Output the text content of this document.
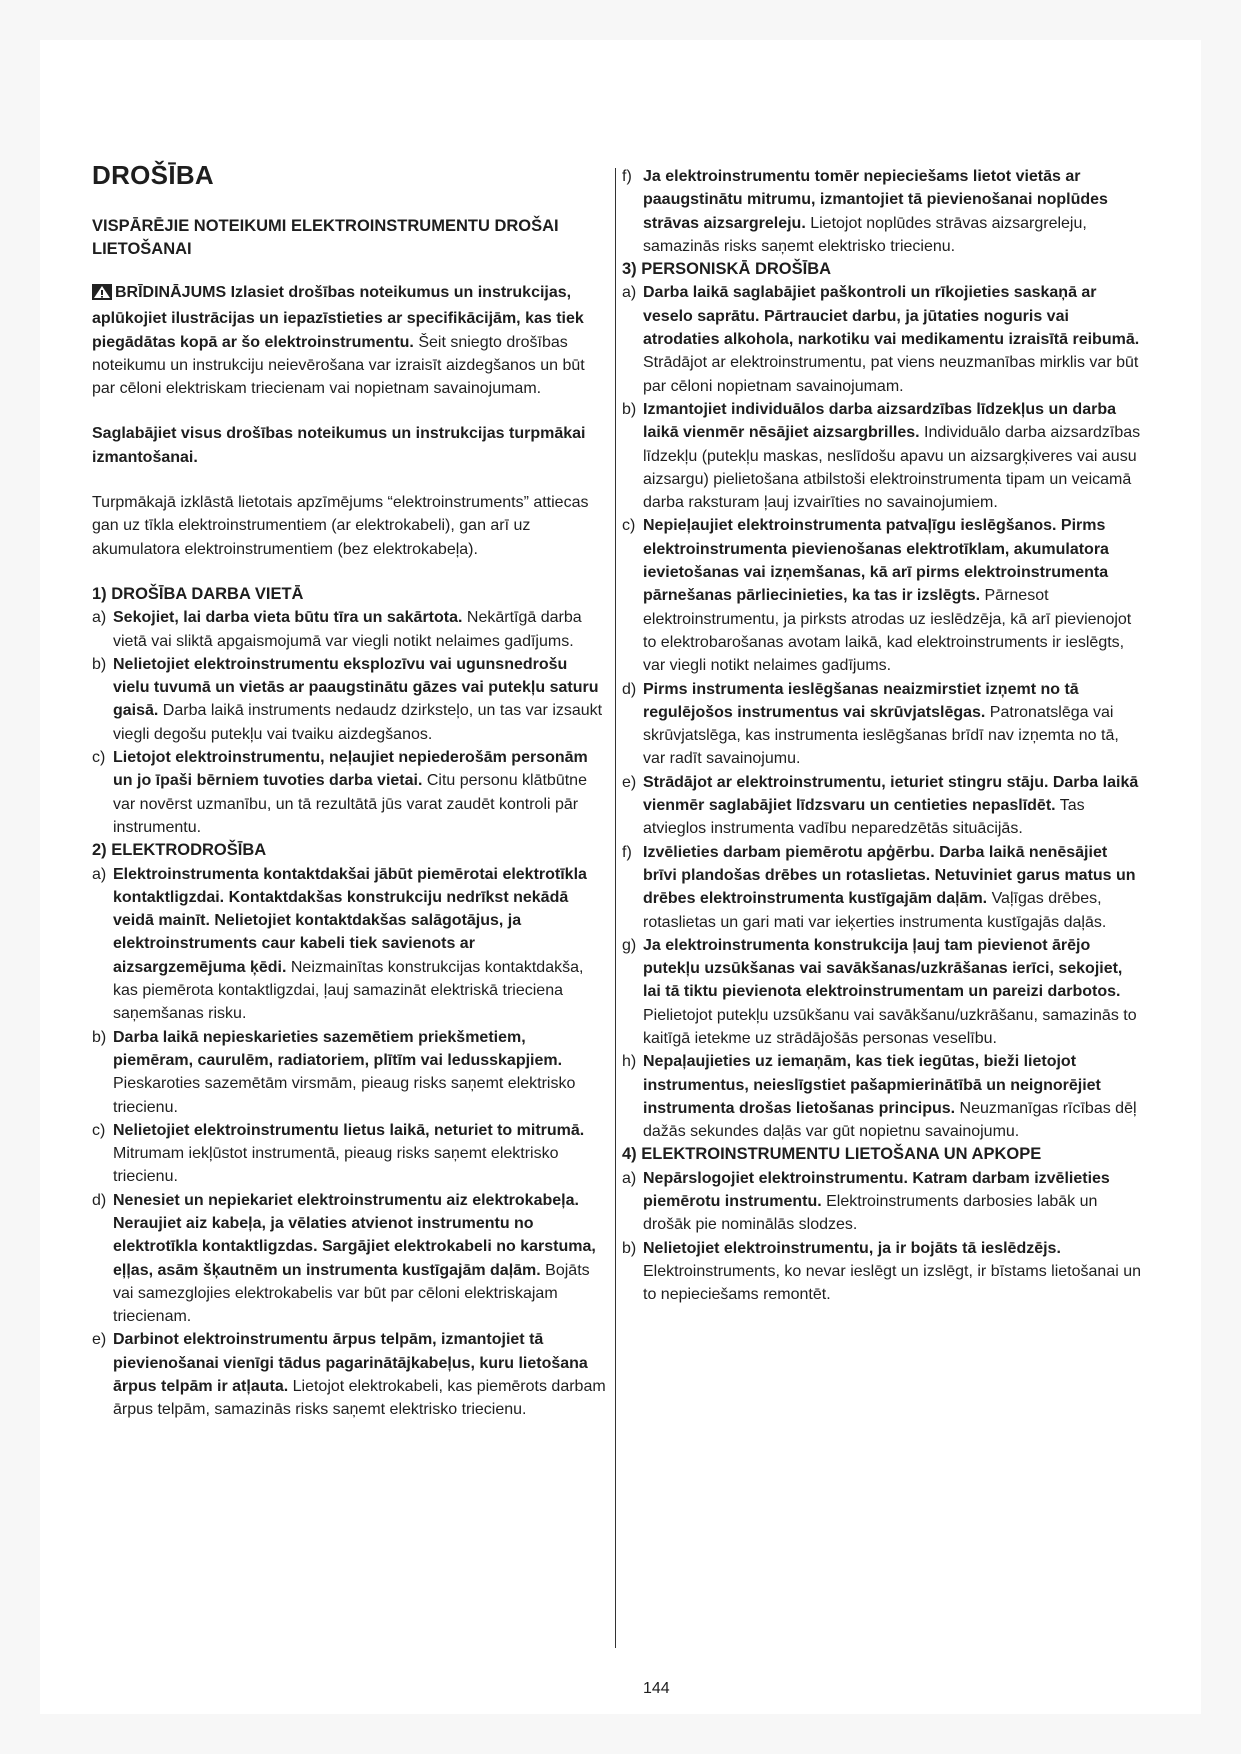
DROŠĪBA
VISPĀRĒJIE NOTEIKUMI ELEKTROINSTRUMENTU DROŠAI LIETOŠANAI

BRĪDINĀJUMS Izlasiet drošības noteikumus un instrukcijas, aplūkojiet ilustrācijas un iepazīstieties ar specifikācijām, kas tiek piegādātas kopā ar šo elektroinstrumentu. Šeit sniegto drošības noteikumu un instrukciju neievērošana var izraisīt aizdegšanos un būt par cēloni elektriskam triecienam vai nopietnam savainojumam.

Saglabājiet visus drošības noteikumus un instrukcijas turpmākai izmantošanai.

Turpmākajā izklāstā lietotais apzīmējums “elektroinstruments” attiecas gan uz tīkla elektroinstrumentiem (ar elektrokabeli), gan arī uz akumulatora elektroinstrumentiem (bez elektrokabeļa).

1) DROŠĪBA DARBA VIETĀ

a) Sekojiet, lai darba vieta būtu tīra un sakārtota. Nekārtīgā darba vietā vai sliktā apgaismojumā var viegli notikt nelaimes gadījums.
b) Nelietojiet elektroinstrumentu eksplozīvu vai ugunsnedrošu vielu tuvumā un vietās ar paaugstinātu gāzes vai putekļu saturu gaisā. Darba laikā instruments nedaudz dzirksteļo, un tas var izsaukt viegli degošu putekļu vai tvaiku aizdegšanos.
c) Lietojot elektroinstrumentu, neļaujiet nepiederošām personām un jo īpaši bērniem tuvoties darba vietai. Citu personu klātbūtne var novērst uzmanību, un tā rezultātā jūs varat zaudēt kontroli pār instrumentu.

2) ELEKTRODROŠĪBA

a) Elektroinstrumenta kontaktdakšai jābūt piemērotai elektrotīkla kontaktligzdai. Kontaktdakšas konstrukciju nedrīkst nekādā veidā mainīt. Nelietojiet kontaktdakšas salāgotājus, ja elektroinstruments caur kabeli tiek savienots ar aizsargzemējuma ķēdi. Neizmainītas konstrukcijas kontaktdakša, kas piemērota kontaktligzdai, ļauj samazināt elektriskā trieciena saņemšanas risku.
b) Darba laikā nepieskarieties sazemētiem priekšmetiem, piemēram, caurulēm, radiatoriem, plītīm vai ledusskapjiem. Pieskaroties sazemētām virsmām, pieaug risks saņemt elektrisko triecienu.
c) Nelietojiet elektroinstrumentu lietus laikā, neturiet to mitrumā. Mitrumam iekļūstot instrumentā, pieaug risks saņemt elektrisko triecienu.
d) Nenesiet un nepiekariet elektroinstrumentu aiz elektrokabeļa. Neraujiet aiz kabeļa, ja vēlaties atvienot instrumentu no elektrotīkla kontaktligzdas. Sargājiet elektrokabeli no karstuma, eļļas, asām šķautnēm un instrumenta kustīgajām daļām. Bojāts vai samezglojies elektrokabelis var būt par cēloni elektriskajam triecienam.
e) Darbinot elektroinstrumentu ārpus telpām, izmantojiet tā pievienošanai vienīgi tādus pagarinātājkabeļus, kuru lietošana ārpus telpām ir atļauta. Lietojot elektrokabeli, kas piemērots darbam ārpus telpām, samazinās risks saņemt elektrisko triecienu.
f) Ja elektroinstrumentu tomēr nepieciešams lietot vietās ar paaugstinātu mitrumu, izmantojiet tā pievienošanai noplūdes strāvas aizsargreleju. Lietojot noplūdes strāvas aizsargreleju, samazinās risks saņemt elektrisko triecienu.

3) PERSONISKĀ DROŠĪBA

a) Darba laikā saglabājiet paškontroli un rīkojieties saskaņā ar veselo saprātu. Pārtrauciet darbu, ja jūtaties noguris vai atrodaties alkohola, narkotiku vai medikamentu izraisītā reibumā. Strādājot ar elektroinstrumentu, pat viens neuzmanības mirklis var būt par cēloni nopietnam savainojumam.
b) Izmantojiet individuālos darba aizsardzības līdzekļus un darba laikā vienmēr nēsājiet aizsargbrilles. Individuālo darba aizsardzības līdzekļu (putekļu maskas, neslīdošu apavu un aizsargķiveres vai ausu aizsargu) pielietošana atbilstoši elektroinstrumenta tipam un veicamā darba raksturam ļauj izvairīties no savainojumiem.
c) Nepieļaujiet elektroinstrumenta patvaļīgu ieslēgšanos. Pirms elektroinstrumenta pievienošanas elektrotīklam, akumulatora ievietošanas vai izņemšanas, kā arī pirms elektroinstrumenta pārnešanas pārliecinieties, ka tas ir izslēgts. Pārnesot elektroinstrumentu, ja pirksts atrodas uz ieslēdzēja, kā arī pievienojot to elektrobarošanas avotam laikā, kad elektroinstruments ir ieslēgts, var viegli notikt nelaimes gadījums.
d) Pirms instrumenta ieslēgšanas neaizmirstiet izņemt no tā regulējošos instrumentus vai skrūvjatslēgas. Patronatslēga vai skrūvjatslēga, kas instrumenta ieslēgšanas brīdī nav izņemta no tā, var radīt savainojumu.
e) Strādājot ar elektroinstrumentu, ieturiet stingru stāju. Darba laikā vienmēr saglabājiet līdzsvaru un centieties nepaslīdēt. Tas atvieglos instrumenta vadību neparedzētās situācijās.
f) Izvēlieties darbam piemērotu apģērbu. Darba laikā nenēsājiet brīvi plandošas drēbes un rotaslietas. Netuviniet garus matus un drēbes elektroinstrumenta kustīgajām daļām. Vaļīgas drēbes, rotaslietas un gari mati var ieķerties instrumenta kustīgajās daļās.
g) Ja elektroinstrumenta konstrukcija ļauj tam pievienot ārējo putekļu uzsūkšanas vai savākšanas/uzkrāšanas ierīci, sekojiet, lai tā tiktu pievienota elektroinstrumentam un pareizi darbotos. Pielietojot putekļu uzsūkšanu vai savākšanu/uzkrāšanu, samazinās to kaitīgā ietekme uz strādājošās personas veselību.
h) Nepaļaujieties uz iemaņām, kas tiek iegūtas, bieži lietojot instrumentus, neieslīgstiet pašapmierinātībā un neignorējiet instrumenta drošas lietošanas principus. Neuzmanīgas rīcības dēļ dažās sekundes daļās var gūt nopietnu savainojumu.

4) ELEKTROINSTRUMENTU LIETOŠANA UN APKOPE

a) Nepārslogojiet elektroinstrumentu. Katram darbam izvēlieties piemērotu instrumentu. Elektroinstruments darbosies labāk un drošāk pie nominālās slodzes.
b) Nelietojiet elektroinstrumentu, ja ir bojāts tā ieslēdzējs. Elektroinstruments, ko nevar ieslēgt un izslēgt, ir bīstams lietošanai un to nepieciešams remontēt.
144
